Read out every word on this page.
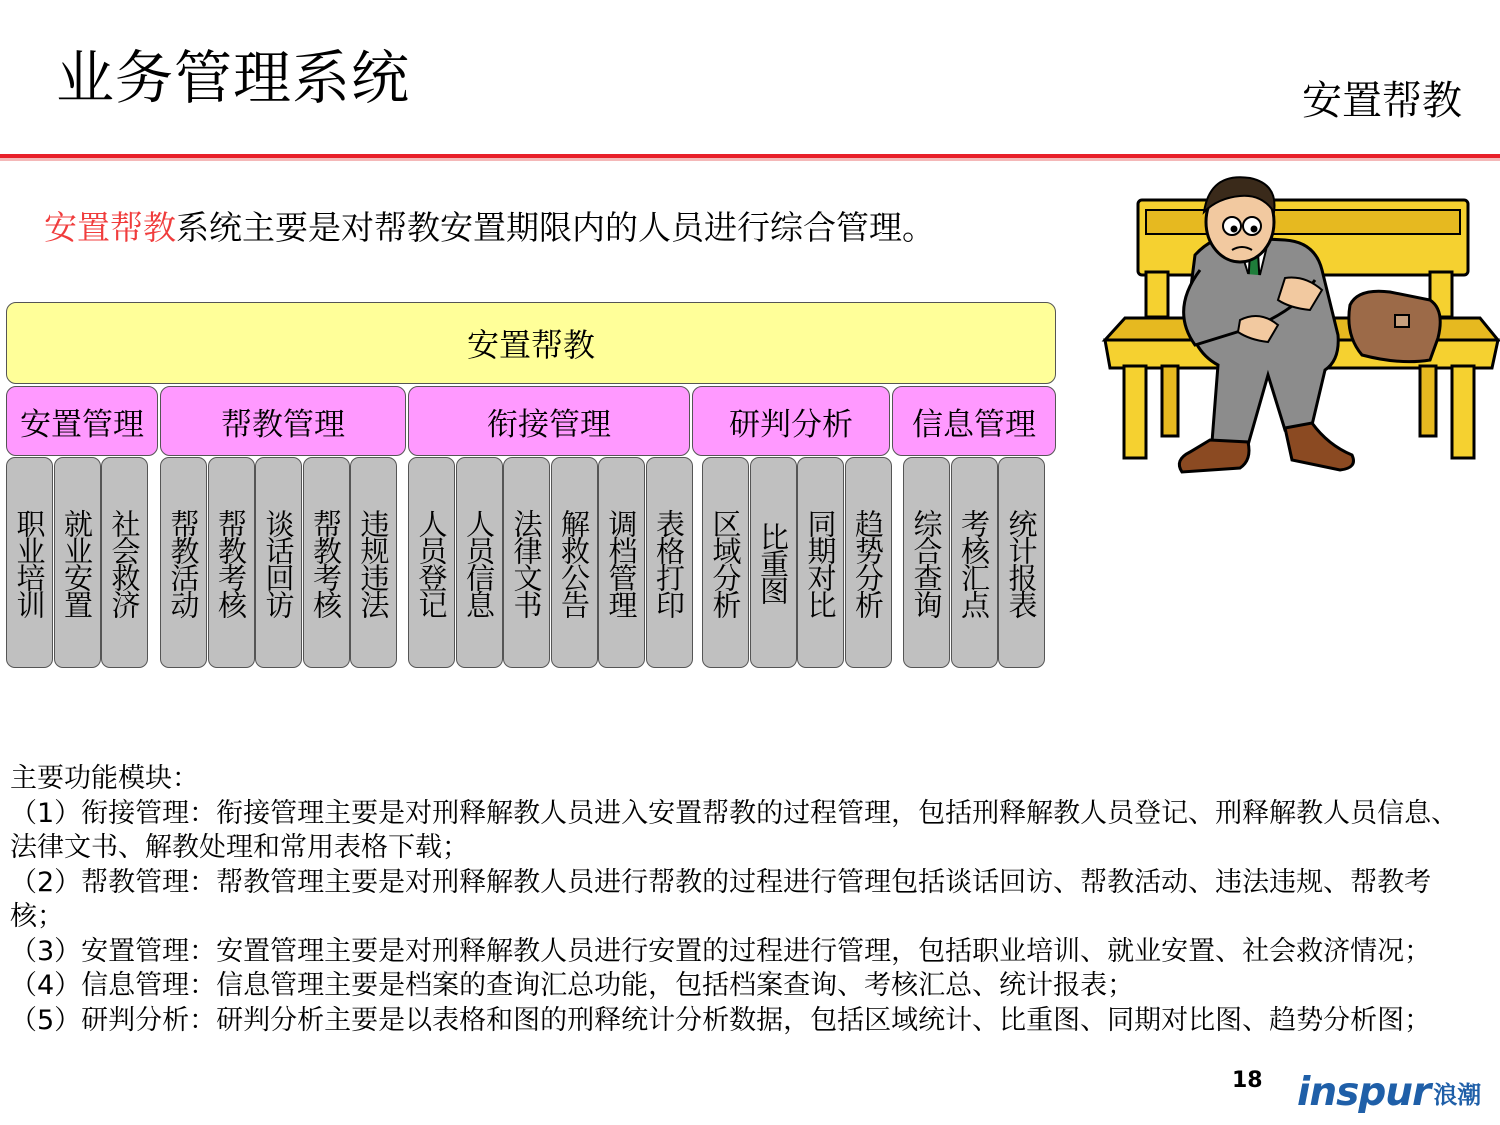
业务管理系统	安置帮教
安置帮教系统主要是对帮教安置期限内的人员进行综合管理。
安置帮教
安置管理
职业培训 就业安置 社会救济
帮教管理
帮教活动 帮教考核 谈话回访 帮教考核 违规违法
衔接管理
人员登记 人员信息 法律文书 解救公告 调档管理 表格打印
研判分析
区域分析 比重图 同期对比 趋势分析
信息管理
综合查询 考核汇点 统计报表
主要功能模块：
（1）衔接管理：衔接管理主要是对刑释解教人员进入安置帮教的过程管理，包括刑释解教人员登记、刑释解教人员信息、法律文书、解教处理和常用表格下载；
（2）帮教管理：帮教管理主要是对刑释解教人员进行帮教的过程进行管理包括谈话回访、帮教活动、违法违规、帮教考核；
（3）安置管理：安置管理主要是对刑释解教人员进行安置的过程进行管理，包括职业培训、就业安置、社会救济情况；
（4）信息管理：信息管理主要是档案的查询汇总功能，包括档案查询、考核汇总、统计报表；
（5）研判分析：研判分析主要是以表格和图的刑释统计分析数据，包括区域统计、比重图、同期对比图、趋势分析图；
18 inspur 浪潮
